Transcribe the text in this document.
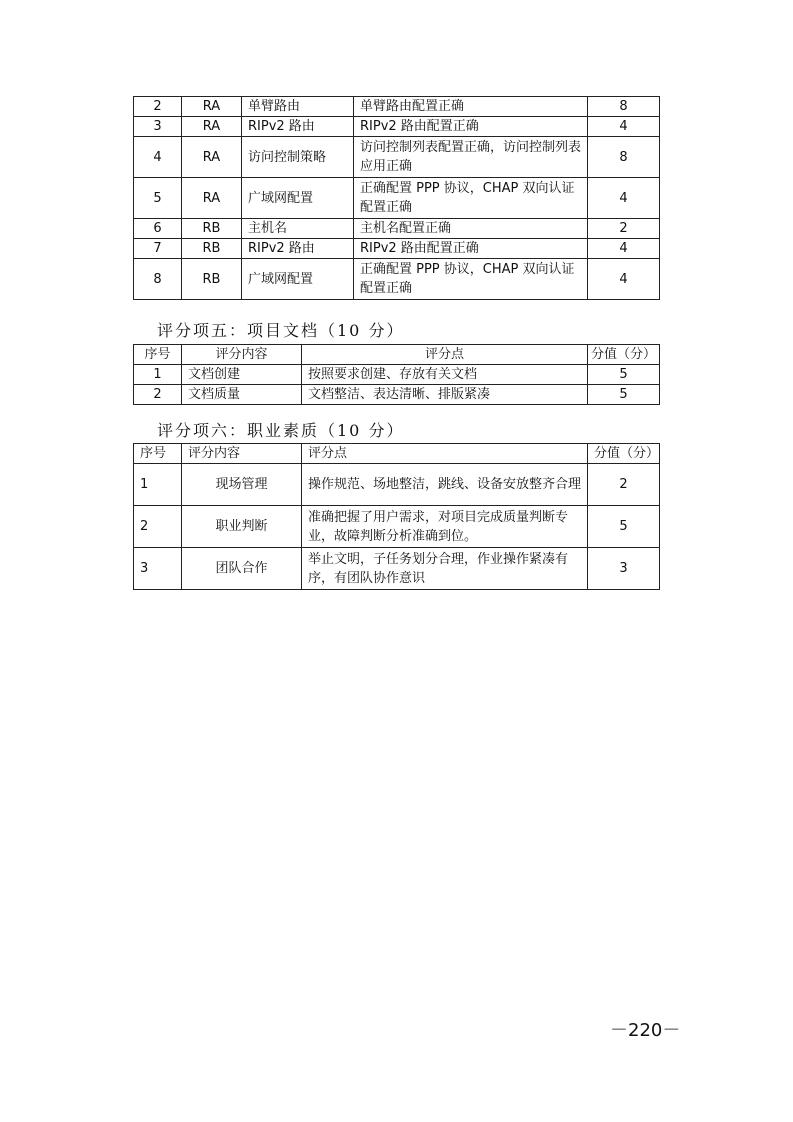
2	RA	单臂路由	单臂路由配置正确	8
3	RA	RIPv2 路由	RIPv2 路由配置正确	4
4	RA	访问控制策略	访问控制列表配置正确，访问控制列表应用正确	8
5	RA	广域网配置	正确配置 PPP 协议，CHAP 双向认证配置正确	4
6	RB	主机名	主机名配置正确	2
7	RB	RIPv2 路由	RIPv2 路由配置正确	4
8	RB	广域网配置	正确配置 PPP 协议，CHAP 双向认证配置正确	4
评分项五：项目文档（10 分）
序号	评分内容	评分点	分值（分）
1	文档创建	按照要求创建、存放有关文档	5
2	文档质量	文档整洁、表达清晰、排版紧凑	5
评分项六：职业素质（10 分）
序号	评分内容	评分点	分值（分）
1	现场管理	操作规范、场地整洁，跳线、设备安放整齐合理	2
2	职业判断	准确把握了用户需求，对项目完成质量判断专业，故障判断分析准确到位。	5
3	团队合作	举止文明，子任务划分合理，作业操作紧凑有序，有团队协作意识	3
－220－
